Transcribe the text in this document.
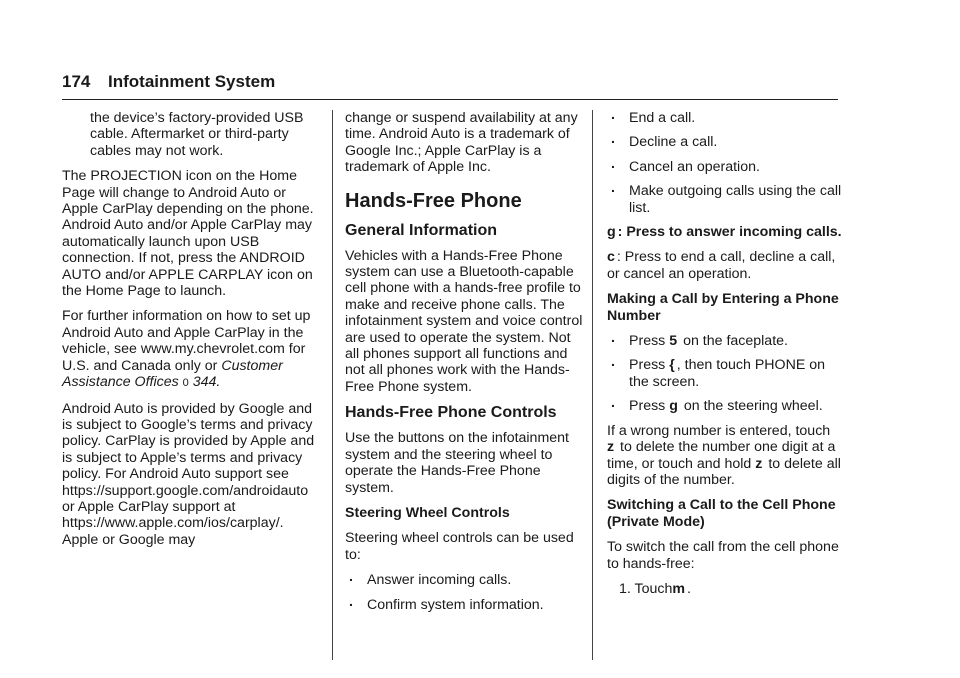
174 Infotainment System

the device’s factory-provided USB cable. Aftermarket or third-party cables may not work.

The PROJECTION icon on the Home Page will change to Android Auto or Apple CarPlay depending on the phone. Android Auto and/or Apple CarPlay may automatically launch upon USB connection. If not, press the ANDROID AUTO and/or APPLE CARPLAY icon on the Home Page to launch.

For further information on how to set up Android Auto and Apple CarPlay in the vehicle, see www.my.chevrolet.com for U.S. and Canada only or Customer Assistance Offices 0 344.

Android Auto is provided by Google and is subject to Google’s terms and privacy policy. CarPlay is provided by Apple and is subject to Apple’s terms and privacy policy. For Android Auto support see https://support.google.com/androidauto or Apple CarPlay support at https://www.apple.com/ios/carplay/. Apple or Google may

change or suspend availability at any time. Android Auto is a trademark of Google Inc.; Apple CarPlay is a trademark of Apple Inc.

Hands-Free Phone
General Information

Vehicles with a Hands-Free Phone system can use a Bluetooth-capable cell phone with a hands-free profile to make and receive phone calls. The infotainment system and voice control are used to operate the system. Not all phones support all functions and not all phones work with the Hands-Free Phone system.

Hands-Free Phone Controls

Use the buttons on the infotainment system and the steering wheel to operate the Hands-Free Phone system.

Steering Wheel Controls

Steering wheel controls can be used to:

. Answer incoming calls.
. Confirm system information.
. End a call.
. Decline a call.
. Cancel an operation.
. Make outgoing calls using the call list.

g : Press to answer incoming calls.

c : Press to end a call, decline a call, or cancel an operation.

Making a Call by Entering a Phone Number
. Press 5 on the faceplate.
. Press { , then touch PHONE on the screen.
. Press g on the steering wheel.

If a wrong number is entered, touch z to delete the number one digit at a time, or touch and hold z to delete all digits of the number.

Switching a Call to the Cell Phone (Private Mode)

To switch the call from the cell phone to hands-free:

1. Touchm .
